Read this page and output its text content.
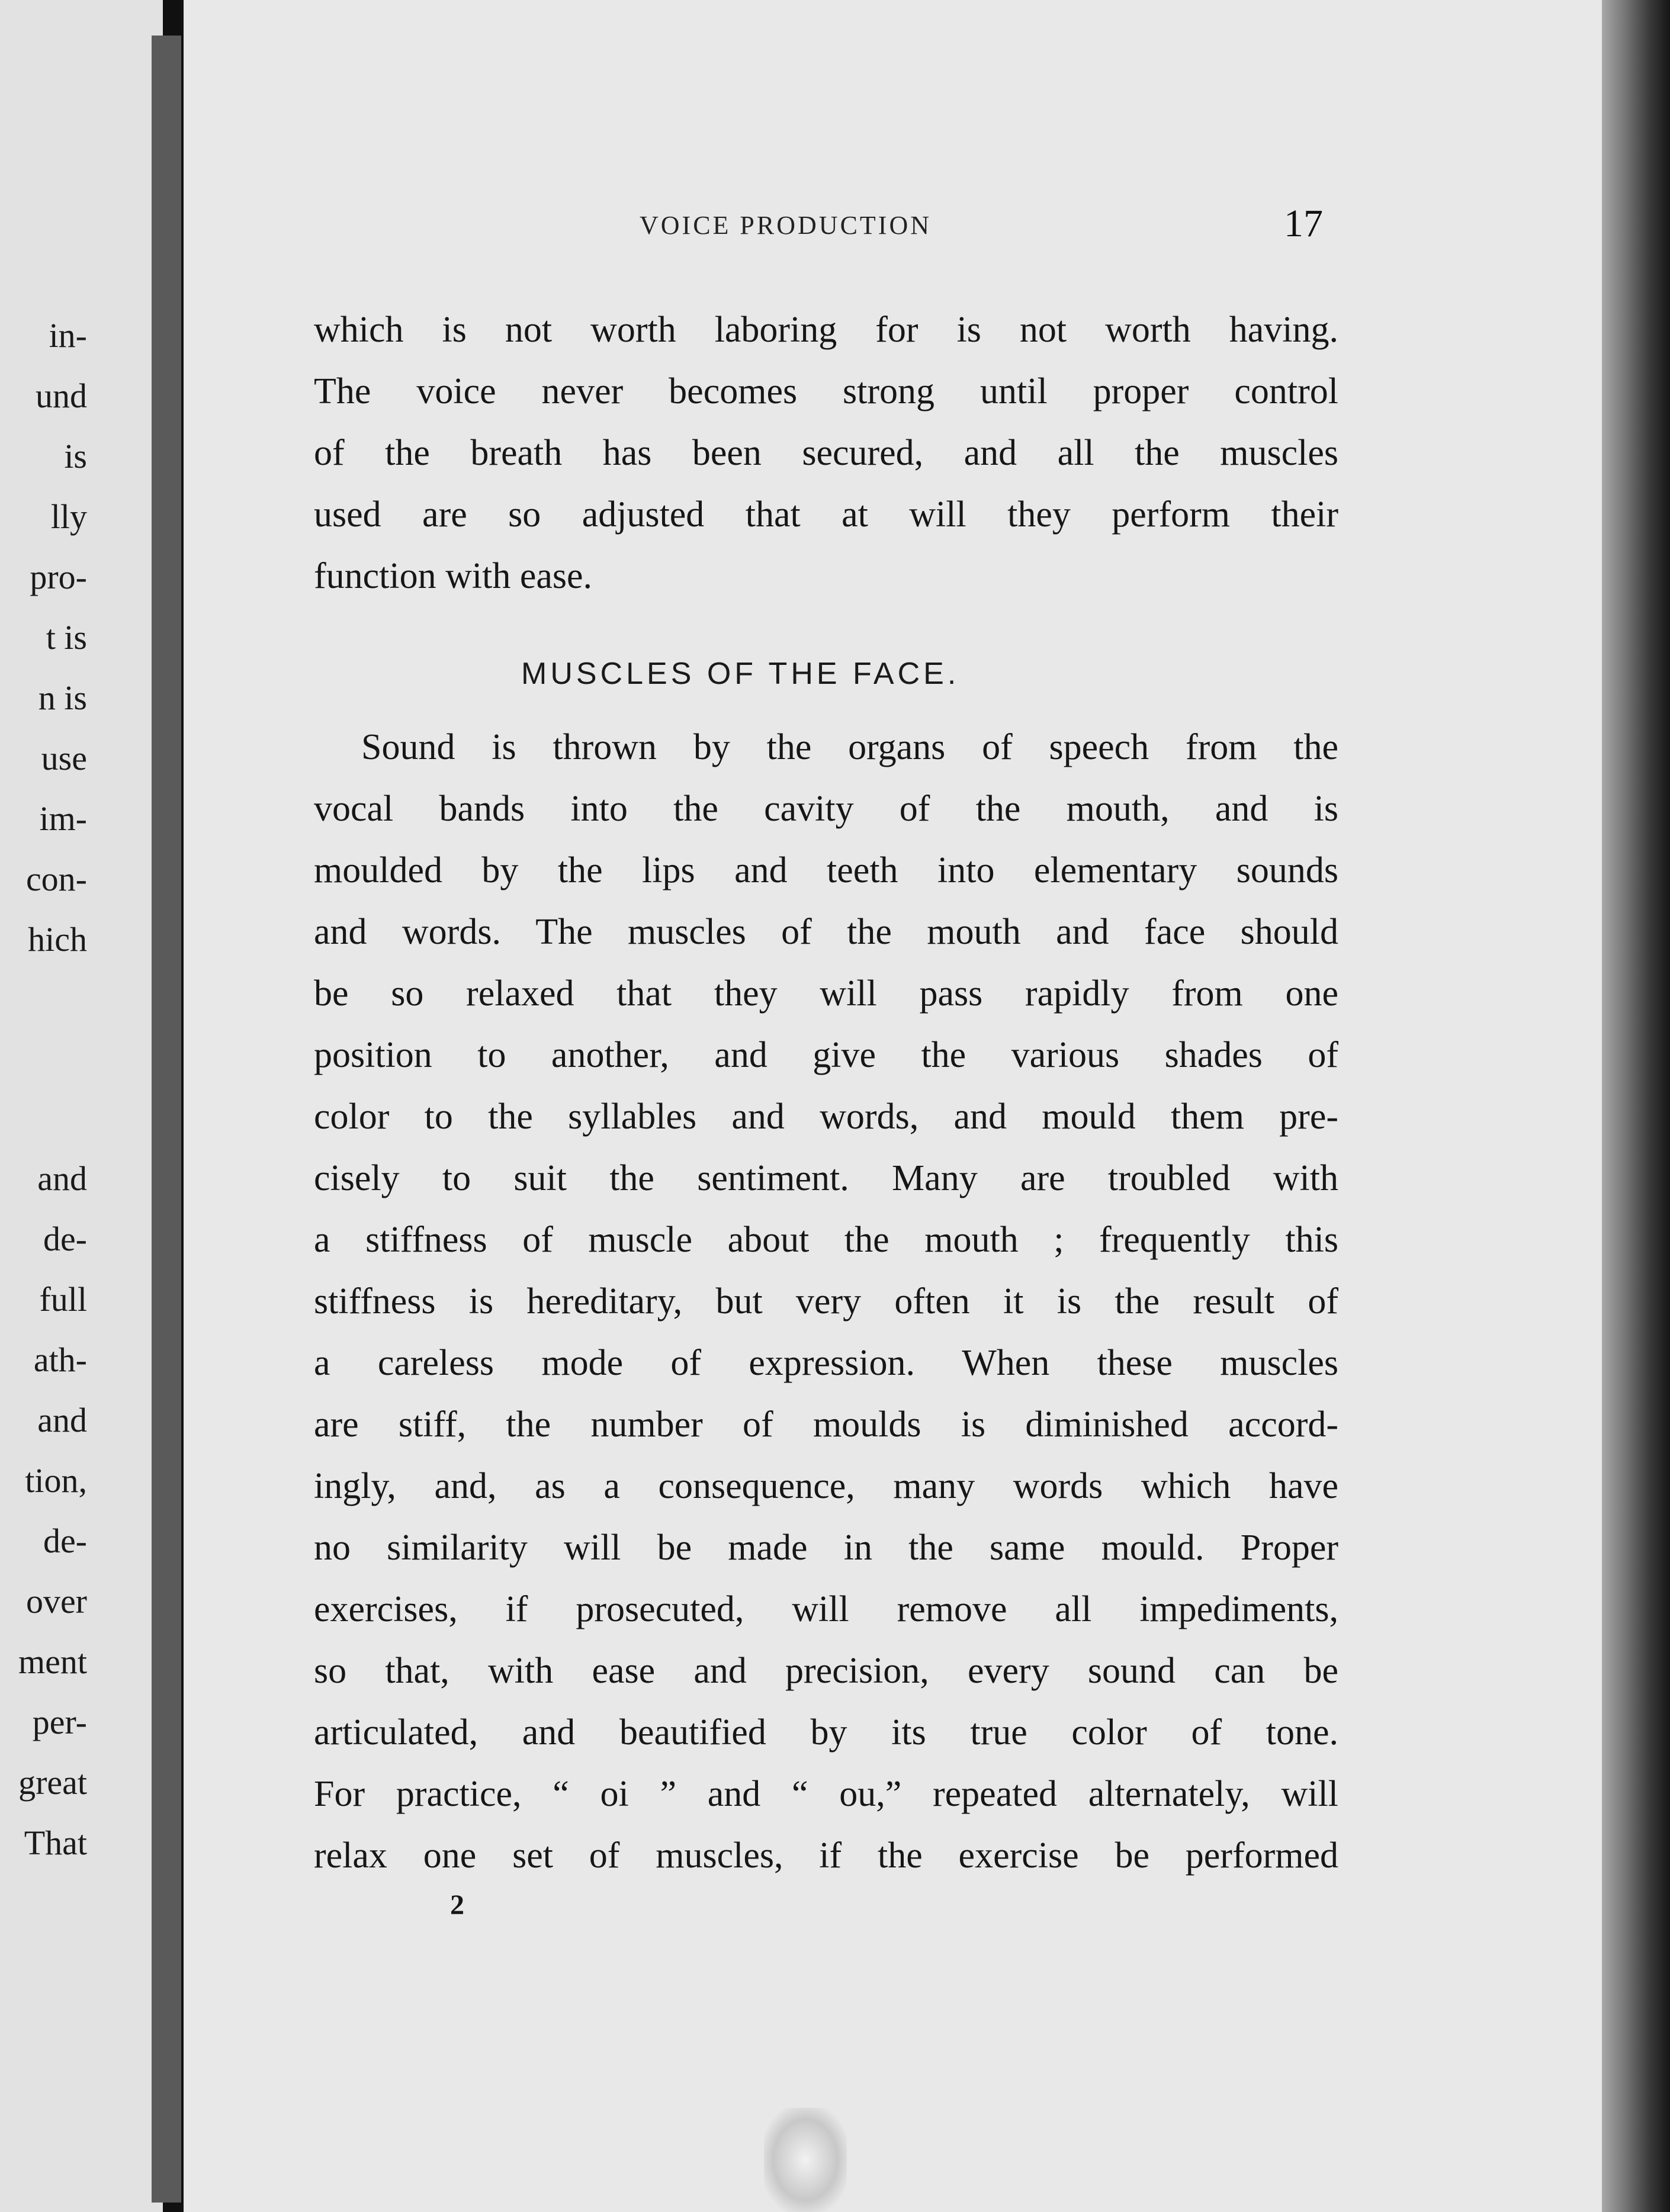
in-
und
is
lly
pro-
t is
n is
use
im-
con-
hich
and
de-
full
ath-
and
tion,
de-
over
ment
per-
great
That
VOICE PRODUCTION	17
which is not worth laboring for is not worth having.
The voice never becomes strong until proper control
of the breath has been secured, and all the muscles
used are so adjusted that at will they perform their
function with ease.
MUSCLES OF THE FACE.
Sound is thrown by the organs of speech from the
vocal bands into the cavity of the mouth, and is
moulded by the lips and teeth into elementary sounds
and words. The muscles of the mouth and face should
be so relaxed that they will pass rapidly from one
position to another, and give the various shades of
color to the syllables and words, and mould them pre-
cisely to suit the sentiment. Many are troubled with
a stiffness of muscle about the mouth ; frequently this
stiffness is hereditary, but very often it is the result of
a careless mode of expression. When these muscles
are stiff, the number of moulds is diminished accord-
ingly, and, as a consequence, many words which have
no similarity will be made in the same mould. Proper
exercises, if prosecuted, will remove all impediments,
so that, with ease and precision, every sound can be
articulated, and beautified by its true color of tone.
For practice, “ oi ” and “ ou,” repeated alternately, will
relax one set of muscles, if the exercise be performed
2
